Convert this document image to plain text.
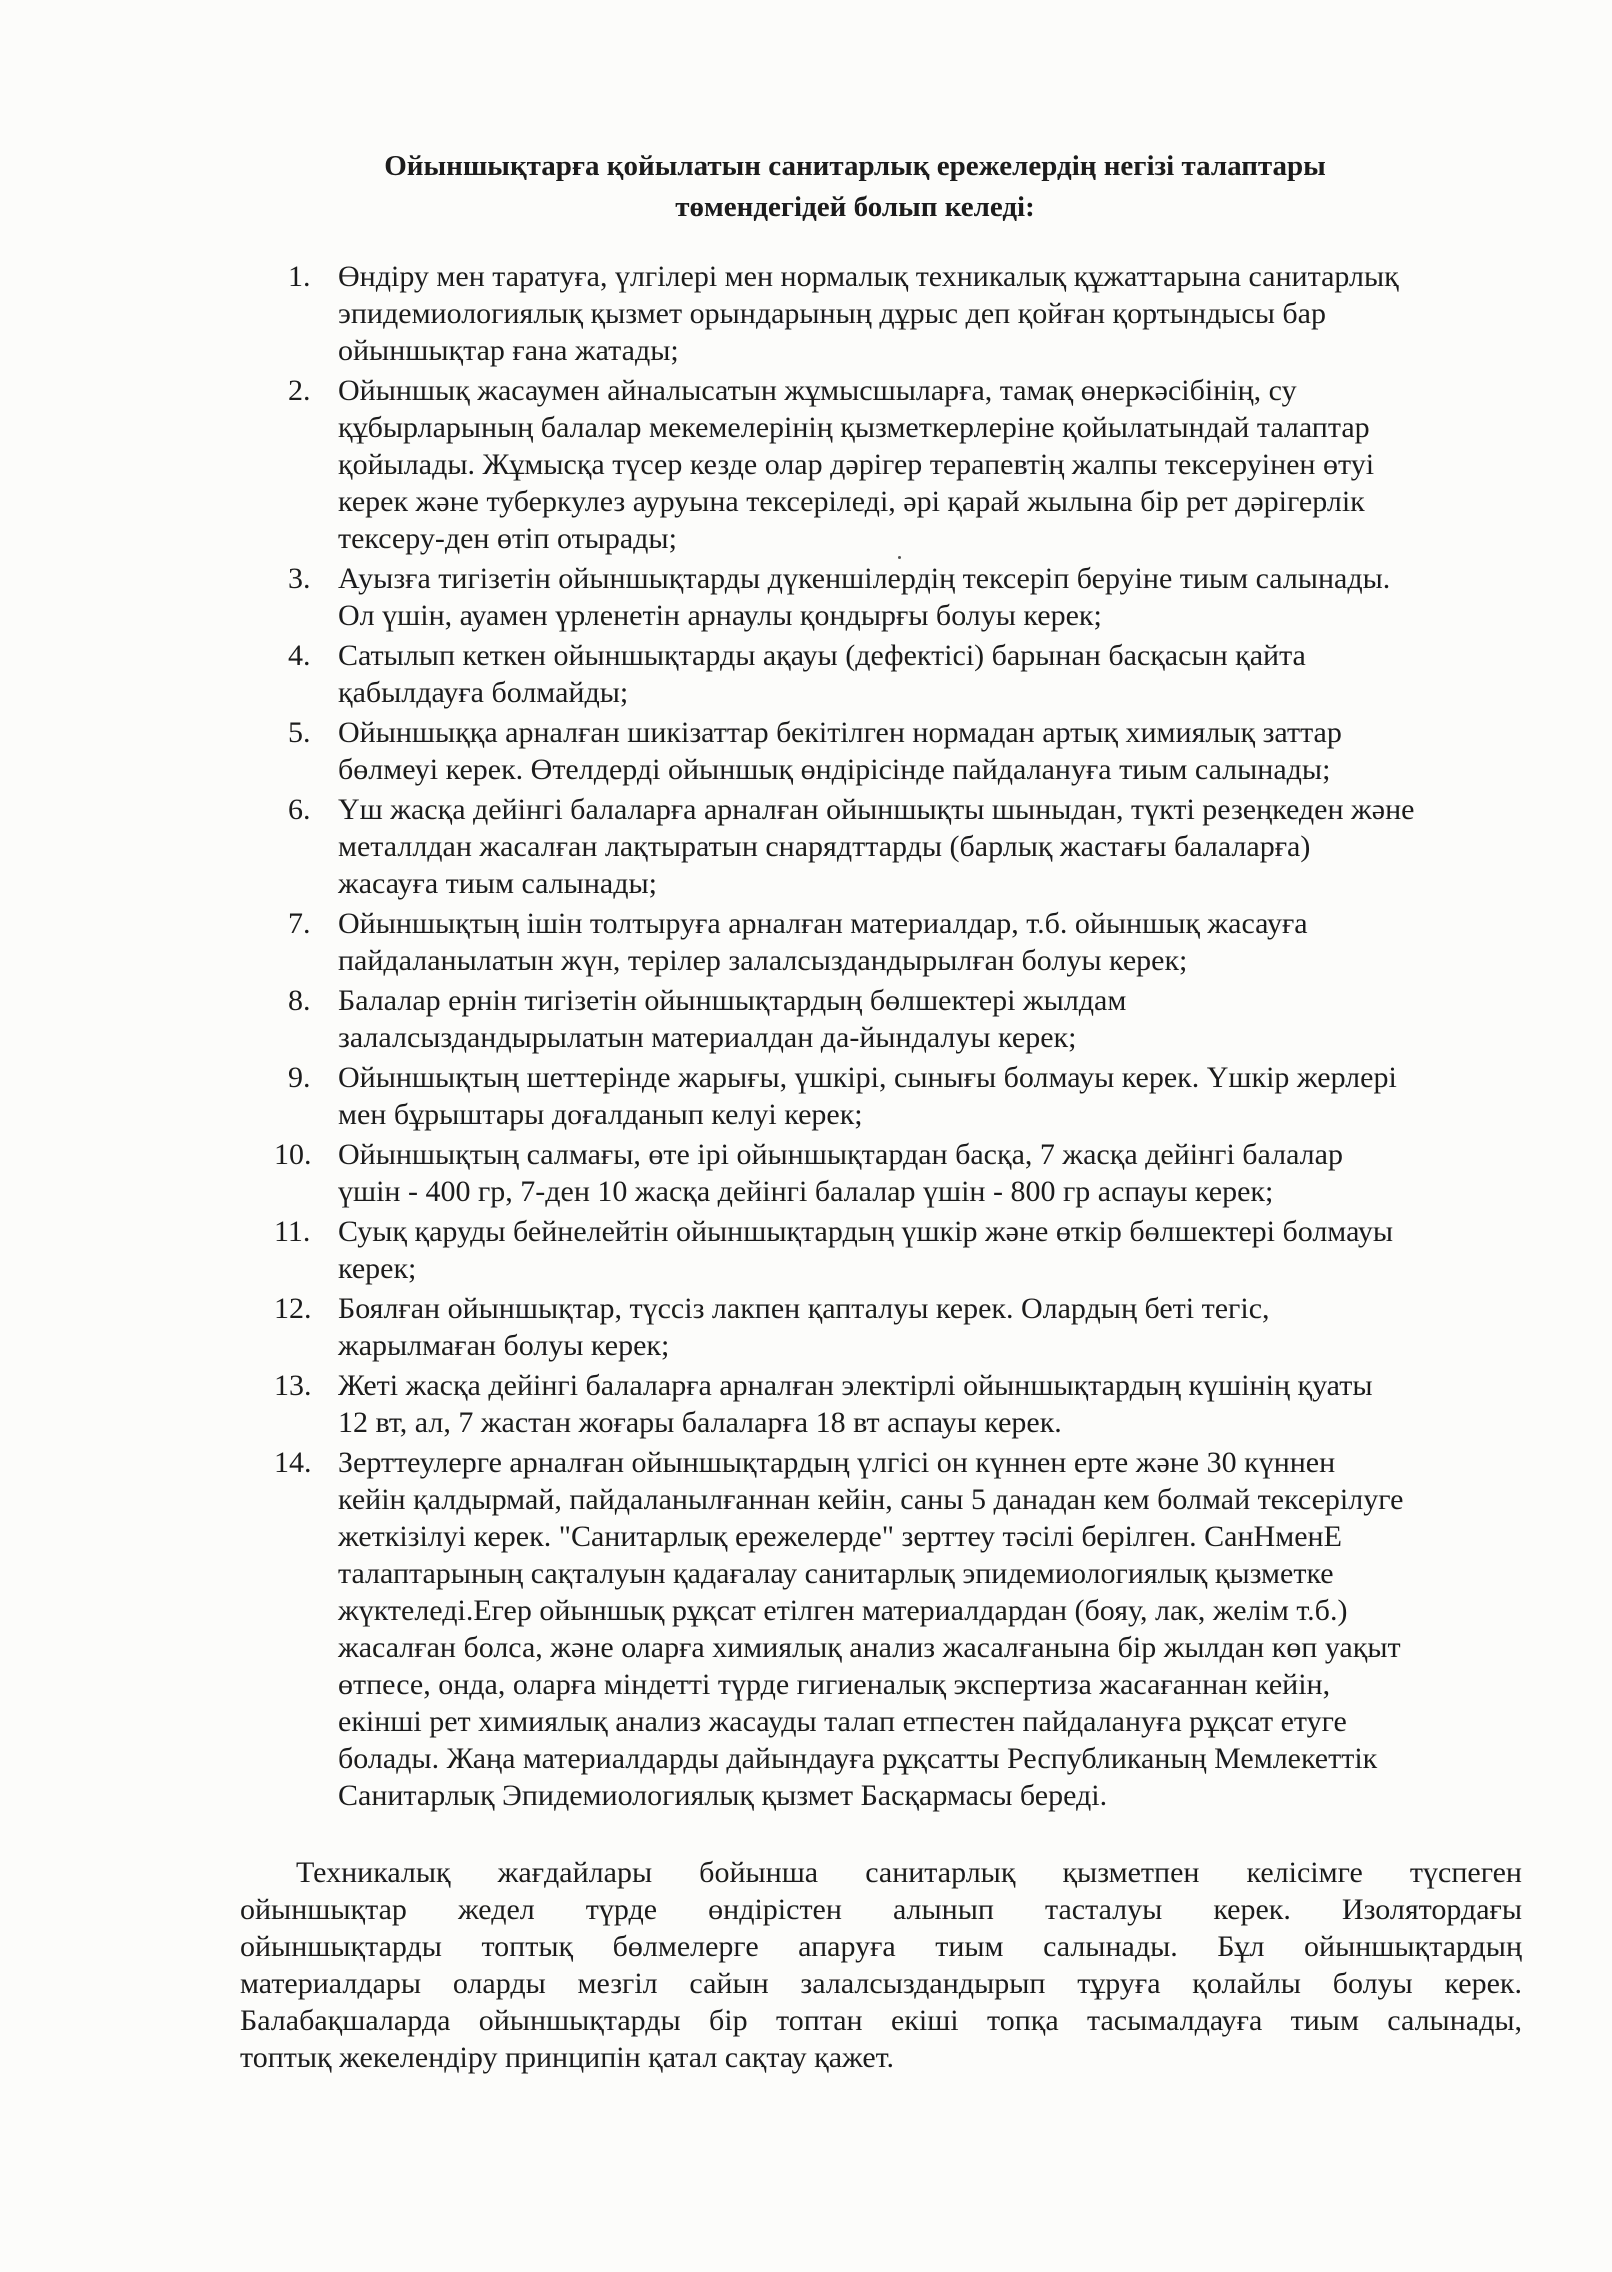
Ойыншықтарға қойылатын санитарлық ережелердің негізі талаптары
төмендегідей болып келеді:
1. Өндіру мен таратуға, үлгілері мен нормалық техникалық құжаттарына санитарлық
эпидемиологиялық қызмет орындарының дұрыс деп қойған қортындысы бар
ойыншықтар ғана жатады;
2. Ойыншық жасаумен айналысатын жұмысшыларға, тамақ өнеркәсібінің, су
құбырларының балалар мекемелерінің қызметкерлеріне қойылатындай талаптар
қойылады. Жұмысқа түсер кезде олар дәрігер терапевтің жалпы тексеруінен өтуі
керек және туберкулез ауруына тексеріледі, әрі қарай жылына бір рет дәрігерлік
тексеру-ден өтіп отырады;
3. Ауызға тигізетін ойыншықтарды дүкеншілердің тексеріп беруіне тиым салынады.
Ол үшін, ауамен үрленетін арнаулы қондырғы болуы керек;
4. Сатылып кеткен ойыншықтарды ақауы (дефектісі) барынан басқасын қайта
қабылдауға болмайды;
5. Ойыншыққа арналған шикізаттар бекітілген нормадан артық химиялық заттар
бөлмеуі керек. Өтелдерді ойыншық өндірісінде пайдалануға тиым салынады;
6. Үш жасқа дейінгі балаларға арналған ойыншықты шыныдан, түкті резеңкеден және
металлдан жасалған лақтыратын снарядттарды (барлық жастағы балаларға)
жасауға тиым салынады;
7. Ойыншықтың ішін толтыруға арналған материалдар, т.б. ойыншық жасауға
пайдаланылатын жүн, терілер залалсыздандырылған болуы керек;
8. Балалар ернін тигізетін ойыншықтардың бөлшектері жылдам
залалсыздандырылатын материалдан да-йындалуы керек;
9. Ойыншықтың шеттерінде жарығы, үшкірі, сынығы болмауы керек. Үшкір жерлері
мен бұрыштары доғалданып келуі керек;
10. Ойыншықтың салмағы, өте ірі ойыншықтардан басқа, 7 жасқа дейінгі балалар
үшін - 400 гр, 7-ден 10 жасқа дейінгі балалар үшін - 800 гр аспауы керек;
11. Суық қаруды бейнелейтін ойыншықтардың үшкір және өткір бөлшектері болмауы
керек;
12. Боялған ойыншықтар, түссіз лакпен қапталуы керек. Олардың беті тегіс,
жарылмаған болуы керек;
13. Жеті жасқа дейінгі балаларға арналған электірлі ойыншықтардың күшінің қуаты
12 вт, ал, 7 жастан жоғары балаларға 18 вт аспауы керек.
14. Зерттеулерге арналған ойыншықтардың үлгісі он күннен ерте және 30 күннен
кейін қалдырмай, пайдаланылғаннан кейін, саны 5 данадан кем болмай тексерілуге
жеткізілуі керек. "Санитарлық ережелерде" зерттеу тәсілі берілген. СанНменЕ
талаптарының сақталуын қадағалау санитарлық эпидемиологиялық қызметке
жүктеледі.Егер ойыншық рұқсат етілген материалдардан (бояу, лак, желім т.б.)
жасалған болса, және оларға химиялық анализ жасалғанына бір жылдан көп уақыт
өтпесе, онда, оларға міндетті түрде гигиеналық экспертиза жасағаннан кейін,
екінші рет химиялық анализ жасауды талап етпестен пайдалануға рұқсат етуге
болады. Жаңа материалдарды дайындауға рұқсатты Республиканың Мемлекеттік
Санитарлық Эпидемиологиялық қызмет Басқармасы береді.
Техникалық жағдайлары бойынша санитарлық қызметпен келісімге түспеген
ойыншықтар жедел түрде өндірістен алынып тасталуы керек. Изолятордағы
ойыншықтарды топтық бөлмелерге апаруға тиым салынады. Бұл ойыншықтардың
материалдары оларды мезгіл сайын залалсыздандырып тұруға қолайлы болуы керек.
Балабақшаларда ойыншықтарды бір топтан екіші топқа тасымалдауға тиым салынады,
топтық жекелендіру принципін қатал сақтау қажет.
